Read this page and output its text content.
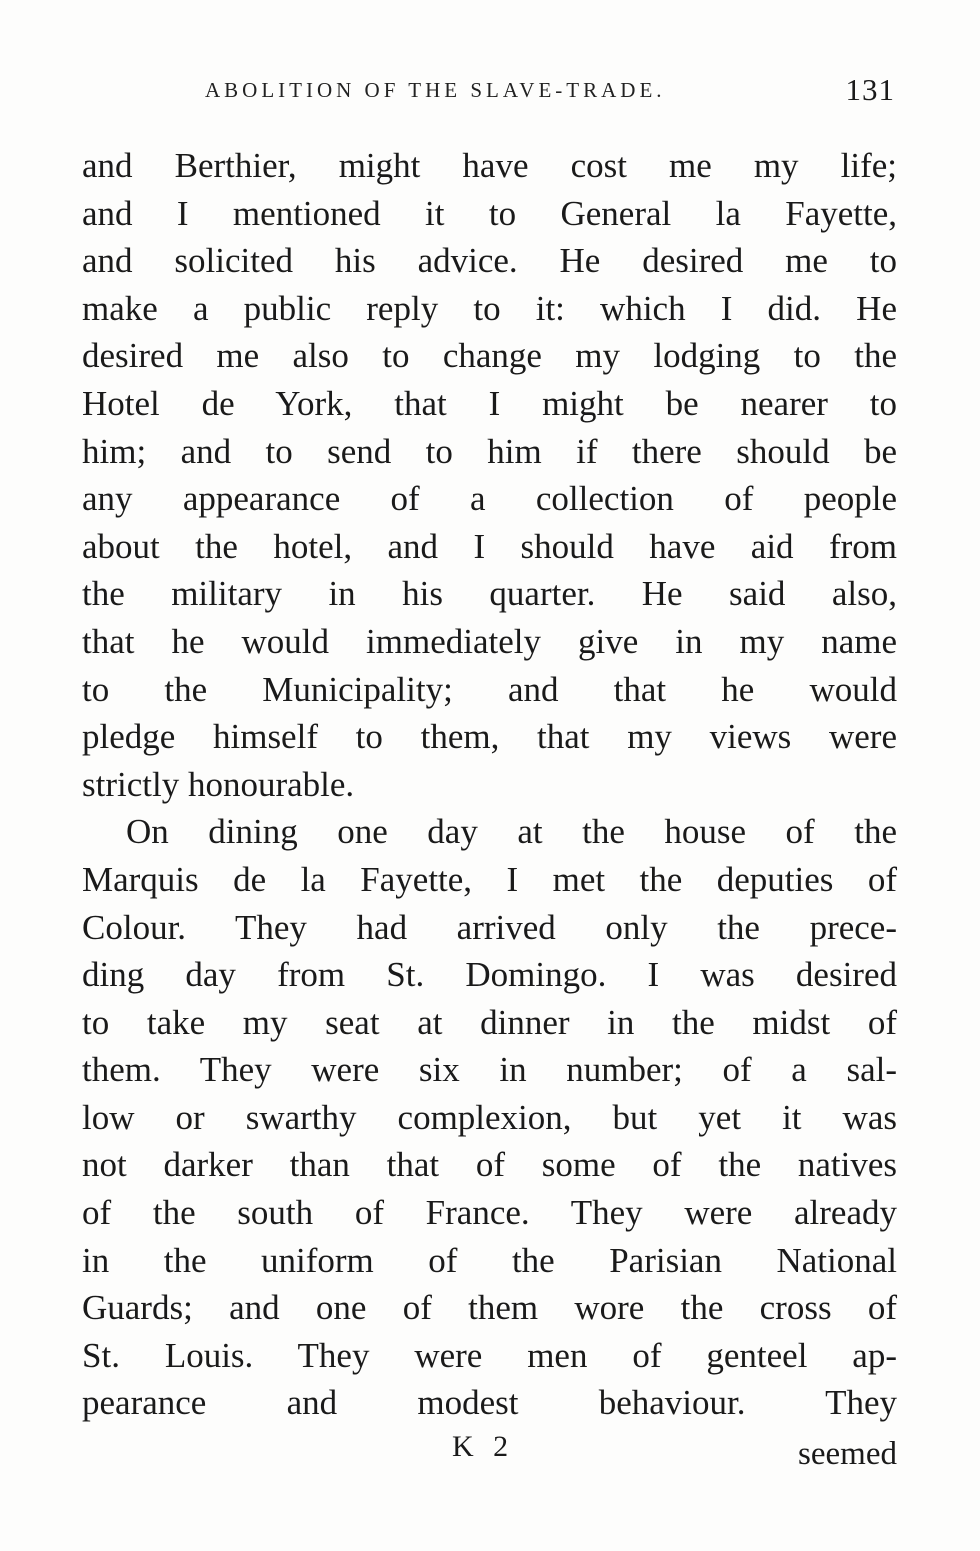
ABOLITION OF THE SLAVE-TRADE.	131
and Berthier, might have cost me my life;
and I mentioned it to General la Fayette,
and solicited his advice. He desired me to
make a public reply to it: which I did. He
desired me also to change my lodging to the
Hotel de York, that I might be nearer to
him; and to send to him if there should be
any appearance of a collection of people
about the hotel, and I should have aid from
the military in his quarter. He said also,
that he would immediately give in my name
to the Municipality; and that he would
pledge himself to them, that my views were
strictly honourable.
On dining one day at the house of the
Marquis de la Fayette, I met the deputies of
Colour. They had arrived only the prece-
ding day from St. Domingo. I was desired
to take my seat at dinner in the midst of
them. They were six in number; of a sal-
low or swarthy complexion, but yet it was
not darker than that of some of the natives
of the south of France. They were already
in the uniform of the Parisian National
Guards; and one of them wore the cross of
St. Louis. They were men of genteel ap-
pearance and modest behaviour. They
K 2	seemed
